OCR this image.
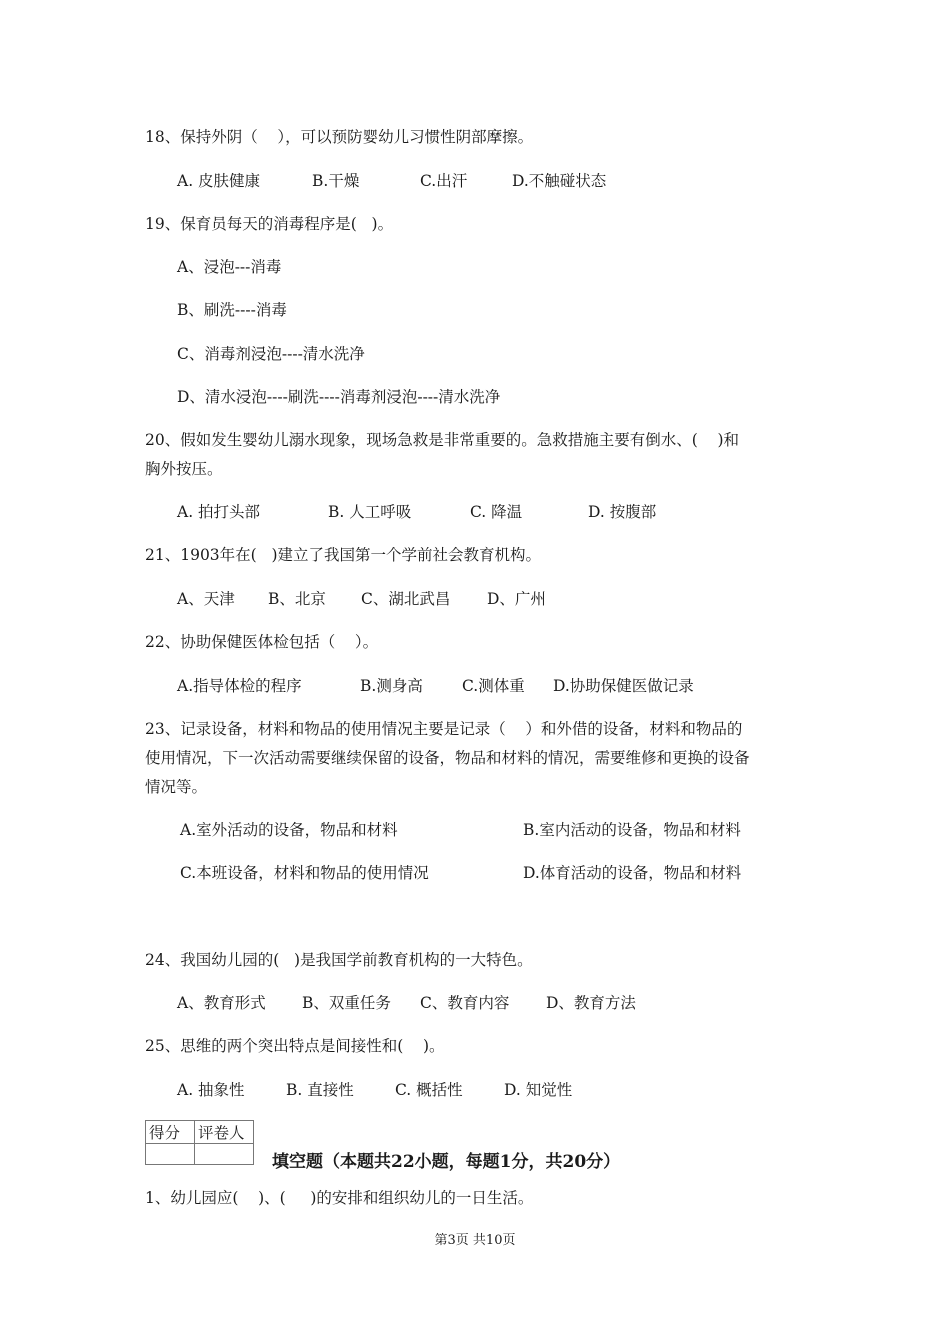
18、保持外阴（    ），可以预防婴幼儿习惯性阴部摩擦。
A. 皮肤健康	B.干燥	C.出汗	D.不触碰状态
19、保育员每天的消毒程序是(   )。
A、浸泡---消毒
B、刷洗----消毒
C、消毒剂浸泡----清水洗净
D、清水浸泡----刷洗----消毒剂浸泡----清水洗净
20、假如发生婴幼儿溺水现象，现场急救是非常重要的。急救措施主要有倒水、(    )和
胸外按压。
A. 拍打头部	B. 人工呼吸	C. 降温	D. 按腹部
21、1903年在(   )建立了我国第一个学前社会教育机构。
A、天津 B、北京 C、湖北武昌 D、广州
22、协助保健医体检包括（    ）。
A.指导体检的程序	B.测身高	C.测体重 D.协助保健医做记录
23、记录设备，材料和物品的使用情况主要是记录（    ）和外借的设备，材料和物品的
使用情况，下一次活动需要继续保留的设备，物品和材料的情况，需要维修和更换的设备
情况等。
A.室外活动的设备，物品和材料	B.室内活动的设备，物品和材料
C.本班设备，材料和物品的使用情况	D.体育活动的设备，物品和材料
24、我国幼儿园的(   )是我国学前教育机构的一大特色。
A、教育形式 B、双重任务 C、教育内容 D、教育方法
25、思维的两个突出特点是间接性和(    )。
A. 抽象性	B. 直接性	C. 概括性	D. 知觉性
得分	评卷人

填空题（本题共22小题，每题1分，共20分）
1、幼儿园应(    )、(     )的安排和组织幼儿的一日生活。
第3页 共10页
